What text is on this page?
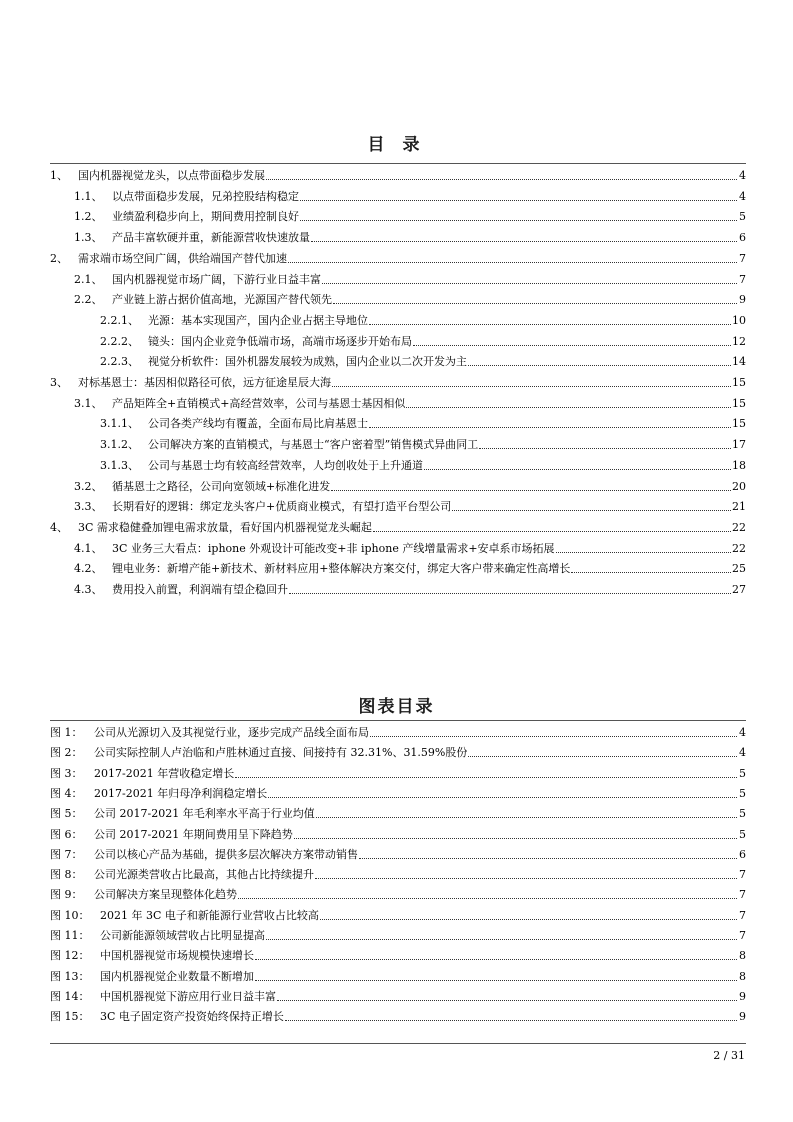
目 录
1、 国内机器视觉龙头，以点带面稳步发展	4
1.1、 以点带面稳步发展，兄弟控股结构稳定	4
1.2、 业绩盈利稳步向上，期间费用控制良好	5
1.3、 产品丰富软硬并重，新能源营收快速放量	6
2、 需求端市场空间广阔，供给端国产替代加速	7
2.1、 国内机器视觉市场广阔，下游行业日益丰富	7
2.2、 产业链上游占据价值高地，光源国产替代领先	9
2.2.1、 光源：基本实现国产，国内企业占据主导地位	10
2.2.2、 镜头：国内企业竞争低端市场，高端市场逐步开始布局	12
2.2.3、 视觉分析软件：国外机器发展较为成熟，国内企业以二次开发为主	14
3、 对标基恩士：基因相似路径可依，远方征途星辰大海	15
3.1、 产品矩阵全+直销模式+高经营效率，公司与基恩士基因相似	15
3.1.1、 公司各类产线均有覆盖，全面布局比肩基恩士	15
3.1.2、 公司解决方案的直销模式，与基恩士“客户密着型”销售模式异曲同工	17
3.1.3、 公司与基恩士均有较高经营效率，人均创收处于上升通道	18
3.2、 循基恩士之路径，公司向宽领域+标准化进发	20
3.3、 长期看好的逻辑：绑定龙头客户+优质商业模式，有望打造平台型公司	21
4、 3C 需求稳健叠加锂电需求放量，看好国内机器视觉龙头崛起	22
4.1、 3C 业务三大看点：iphone 外观设计可能改变+非 iphone 产线增量需求+安卓系市场拓展	22
4.2、 锂电业务：新增产能+新技术、新材料应用+整体解决方案交付，绑定大客户带来确定性高增长	25
4.3、 费用投入前置，利润端有望企稳回升	27
图表目录
图 1：	公司从光源切入及其视觉行业，逐步完成产品线全面布局	4
图 2：	公司实际控制人卢治临和卢胜林通过直接、间接持有 32.31%、31.59%股份	4
图 3：	2017-2021 年营收稳定增长	5
图 4：	2017-2021 年归母净利润稳定增长	5
图 5：	公司 2017-2021 年毛利率水平高于行业均值	5
图 6：	公司 2017-2021 年期间费用呈下降趋势	5
图 7：	公司以核心产品为基础，提供多层次解决方案带动销售	6
图 8：	公司光源类营收占比最高，其他占比持续提升	7
图 9：	公司解决方案呈现整体化趋势	7
图 10： 2021 年 3C 电子和新能源行业营收占比较高	7
图 11： 公司新能源领域营收占比明显提高	7
图 12： 中国机器视觉市场规模快速增长	8
图 13： 国内机器视觉企业数量不断增加	8
图 14： 中国机器视觉下游应用行业日益丰富	9
图 15： 3C 电子固定资产投资始终保持正增长	9
2 / 31
